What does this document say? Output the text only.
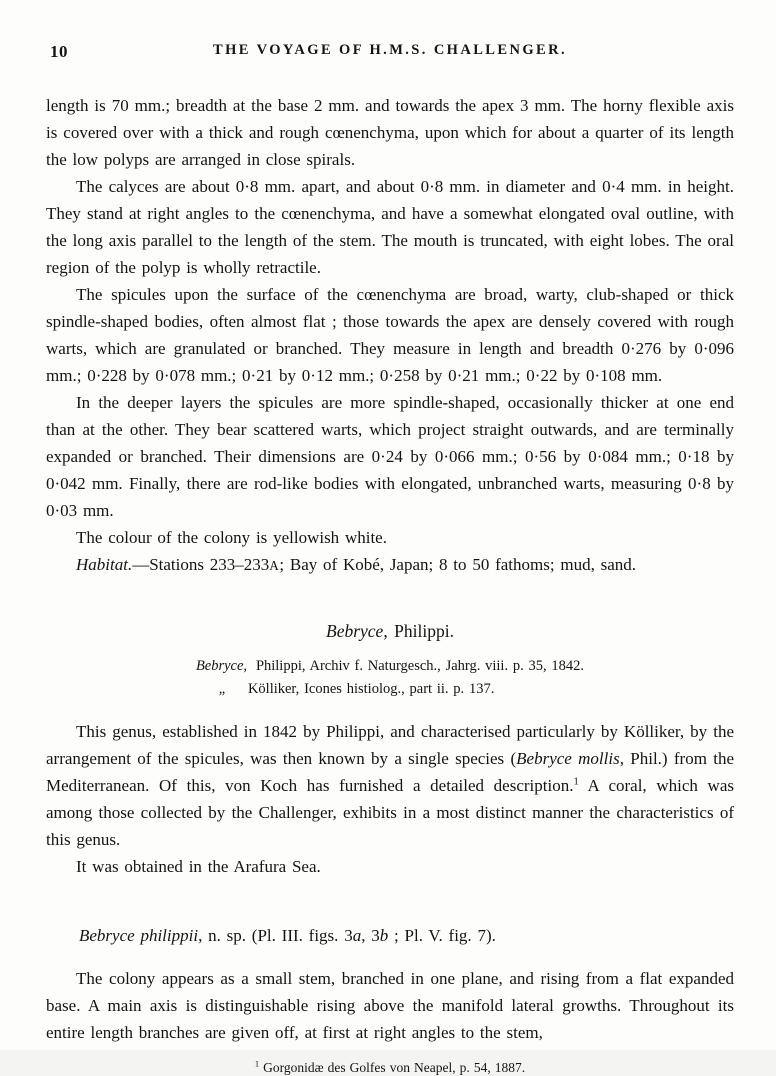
10	THE VOYAGE OF H.M.S. CHALLENGER.

length is 70 mm.; breadth at the base 2 mm. and towards the apex 3 mm. The horny flexible axis is covered over with a thick and rough cœnenchyma, upon which for about a quarter of its length the low polyps are arranged in close spirals.

The calyces are about 0·8 mm. apart, and about 0·8 mm. in diameter and 0·4 mm. in height. They stand at right angles to the cœnenchyma, and have a somewhat elongated oval outline, with the long axis parallel to the length of the stem. The mouth is truncated, with eight lobes. The oral region of the polyp is wholly retractile.

The spicules upon the surface of the cœnenchyma are broad, warty, club-shaped or thick spindle-shaped bodies, often almost flat ; those towards the apex are densely covered with rough warts, which are granulated or branched. They measure in length and breadth 0·276 by 0·096 mm.; 0·228 by 0·078 mm.; 0·21 by 0·12 mm.; 0·258 by 0·21 mm.; 0·22 by 0·108 mm.

In the deeper layers the spicules are more spindle-shaped, occasionally thicker at one end than at the other. They bear scattered warts, which project straight outwards, and are terminally expanded or branched. Their dimensions are 0·24 by 0·066 mm.; 0·56 by 0·084 mm.; 0·18 by 0·042 mm. Finally, there are rod-like bodies with elongated, unbranched warts, measuring 0·8 by 0·03 mm.

The colour of the colony is yellowish white.

Habitat.—Stations 233–233A; Bay of Kobé, Japan; 8 to 50 fathoms; mud, sand.

Bebryce, Philippi.
Bebryce, Philippi, Archiv f. Naturgesch., Jahrg. viii. p. 35, 1842.
„	Kölliker, Icones histiolog., part ii. p. 137.

This genus, established in 1842 by Philippi, and characterised particularly by Kölliker, by the arrangement of the spicules, was then known by a single species (Bebryce mollis, Phil.) from the Mediterranean. Of this, von Koch has furnished a detailed description.$^1$ A coral, which was among those collected by the Challenger, exhibits in a most distinct manner the characteristics of this genus.

It was obtained in the Arafura Sea.

Bebryce philippii, n. sp. (Pl. III. figs. 3a, 3b ; Pl. V. fig. 7).

The colony appears as a small stem, branched in one plane, and rising from a flat expanded base. A main axis is distinguishable rising above the manifold lateral growths. Throughout its entire length branches are given off, at first at right angles to the stem,

$^1$ Gorgonidæ des Golfes von Neapel, p. 54, 1887.
